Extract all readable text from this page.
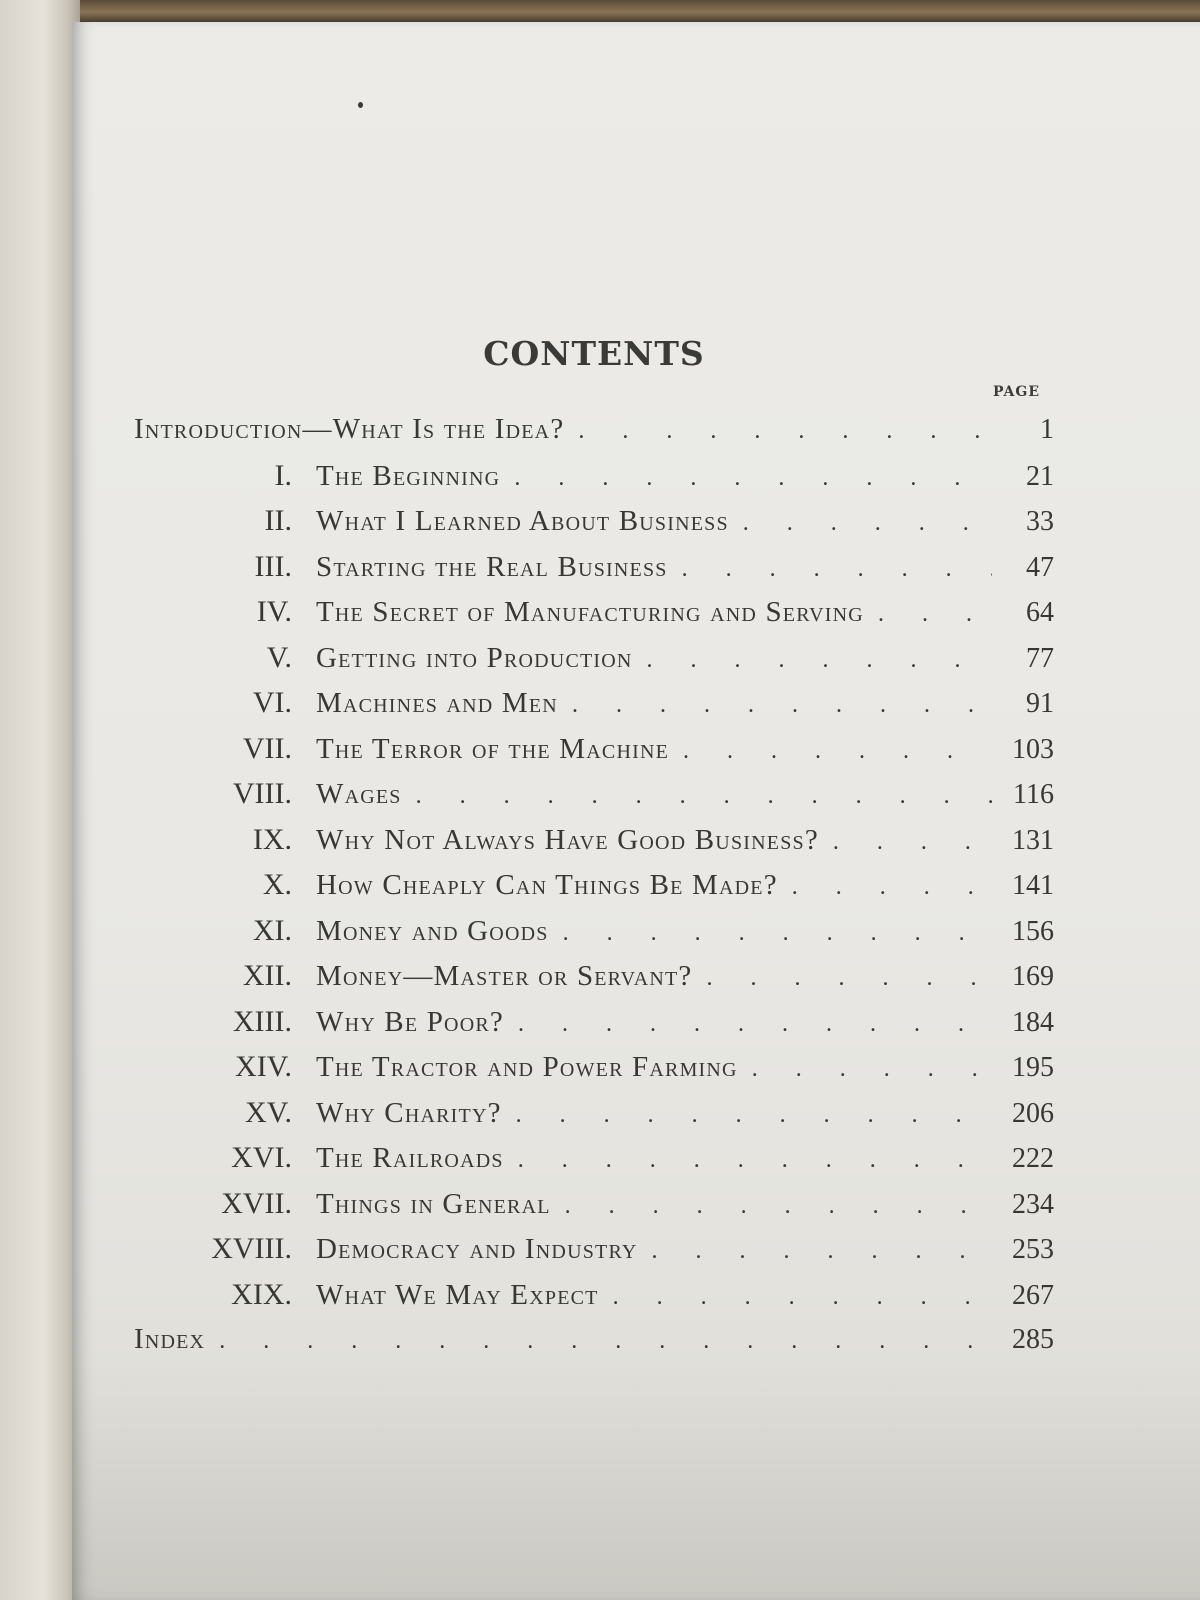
CONTENTS
PAGE
Introduction—What Is the Idea? . . .	1
I. The Beginning . . .	21
II. What I Learned About Business . . .	33
III. Starting the Real Business . . .	47
IV. The Secret of Manufacturing and Serving . . .	64
V. Getting into Production . . .	77
VI. Machines and Men . . .	91
VII. The Terror of the Machine . . .	103
VIII. Wages . . .	116
IX. Why Not Always Have Good Business? . . .	131
X. How Cheaply Can Things Be Made? . . .	141
XI. Money and Goods . . .	156
XII. Money—Master or Servant? . . .	169
XIII. Why Be Poor? . . .	184
XIV. The Tractor and Power Farming . . .	195
XV. Why Charity? . . .	206
XVI. The Railroads . . .	222
XVII. Things in General . . .	234
XVIII. Democracy and Industry . . .	253
XIX. What We May Expect . . .	267
Index . . .	285
